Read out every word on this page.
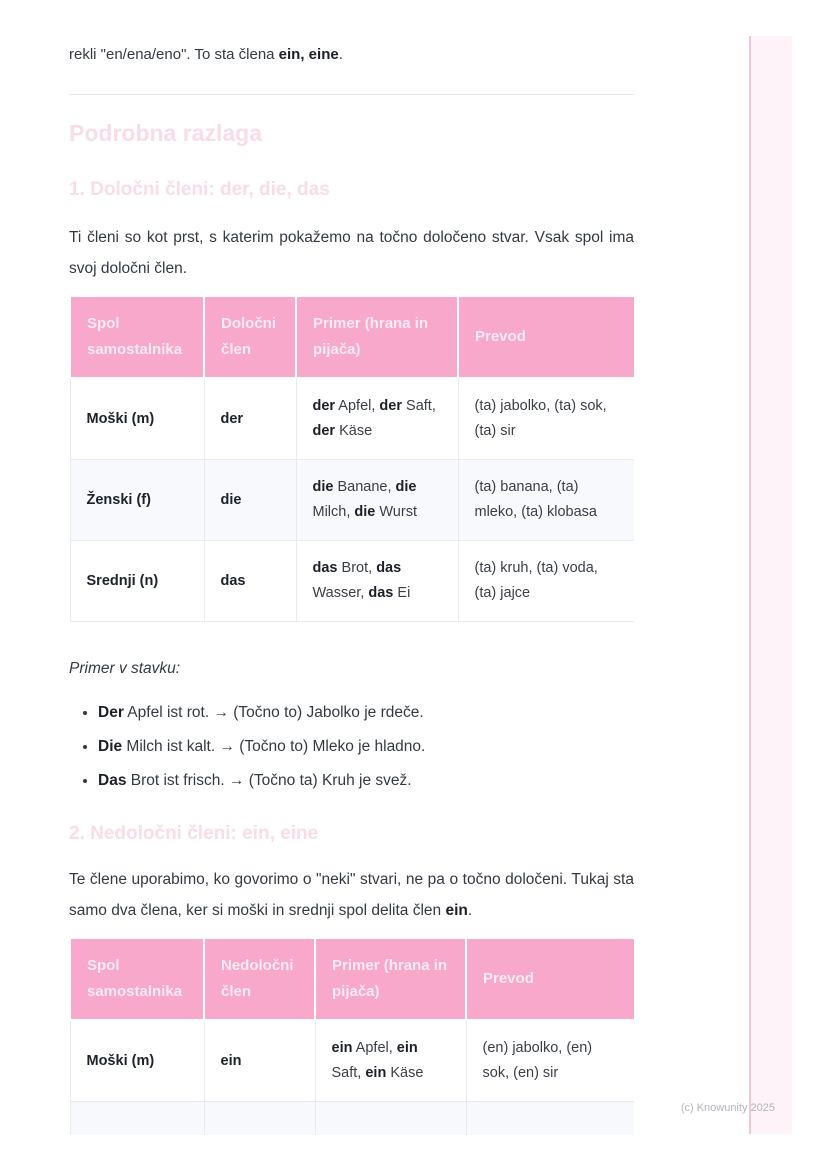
rekli "en/ena/eno". To sta člena ein, eine.

Podrobna razlaga
1. Določni členi: der, die, das

Ti členi so kot prst, s katerim pokažemo na točno določeno stvar. Vsak spol ima svoj določni člen.

Spol samostalnika	Določni člen	Primer (hrana in pijača)	Prevod
Moški (m)	der	der Apfel, der Saft, der Käse	(ta) jabolko, (ta) sok, (ta) sir
Ženski (f)	die	die Banane, die Milch, die Wurst	(ta) banana, (ta) mleko, (ta) klobasa
Srednji (n)	das	das Brot, das Wasser, das Ei	(ta) kruh, (ta) voda, (ta) jajce

Primer v stavku:

• Der Apfel ist rot. → (Točno to) Jabolko je rdeče.
• Die Milch ist kalt. → (Točno to) Mleko je hladno.
• Das Brot ist frisch. → (Točno ta) Kruh je svež.
2. Nedoločni členi: ein, eine

Te člene uporabimo, ko govorimo o "neki" stvari, ne pa o točno določeni. Tukaj sta samo dva člena, ker si moški in srednji spol delita člen ein.

Spol samostalnika	Nedoločni člen	Primer (hrana in pijača)	Prevod
Moški (m)	ein	ein Apfel, ein Saft, ein Käse	(en) jabolko, (en) sok, (en) sir

(c) Knowunity 2025
